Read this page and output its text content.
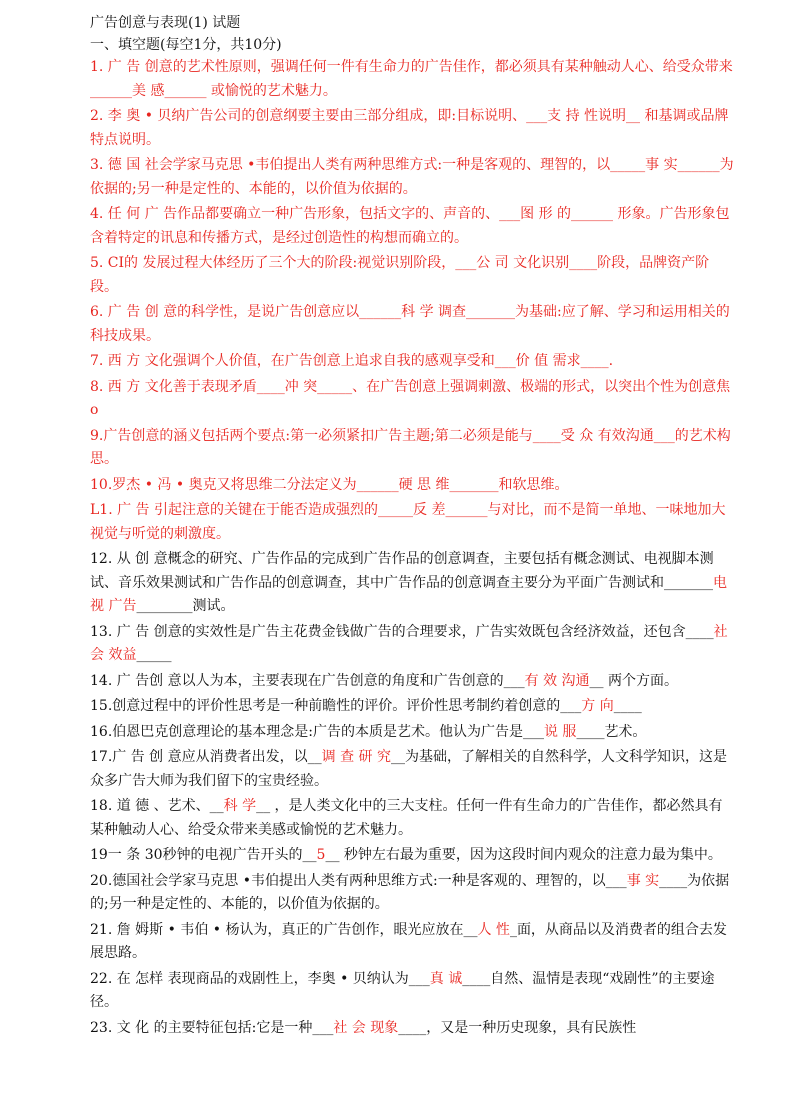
广告创意与表现(1) 试题
一、填空题(每空1分，共10分)
1. 广 告 创意的艺术性原则，强调任何一件有生命力的广告佳作，都必须具有某种触动人心、给受众带来______美 感______ 或愉悦的艺术魅力。
2. 李 奥 • 贝纳广告公司的创意纲要主要由三部分组成，即:目标说明、___支 持 性说明__ 和基调或品牌特点说明。
3. 德 国 社会学家马克思 •韦伯提出人类有两种思维方式:一种是客观的、理智的，以_____事 实______为依据的;另一种是定性的、本能的，以价值为依据的。
4. 任 何 广 告作品都要确立一种广告形象，包括文字的、声音的、___图 形 的______ 形象。广告形象包含着特定的讯息和传播方式，是经过创造性的构想而确立的。
5. CI的 发展过程大体经历了三个大的阶段:视觉识别阶段，___公 司 文化识别____阶段，品牌资产阶段。
6. 广 告 创 意的科学性，是说广告创意应以______科 学 调查_______为基础:应了解、学习和运用相关的科技成果。
7. 西 方 文化强调个人价值，在广告创意上追求自我的感观享受和___价 值 需求____.
8. 西 方 文化善于表现矛盾____冲 突_____、在广告创意上强调刺激、极端的形式，以突出个性为创意焦o
9.广告创意的涵义包括两个要点:第一必须紧扣广告主题;第二必须是能与____受 众 有效沟通___的艺术构思。
10.罗杰 • 冯 • 奥克又将思维二分法定义为______硬 思 维_______和软思维。
L1. 广 告 引起注意的关键在于能否造成强烈的_____反 差______与对比，而不是简一单地、一味地加大视觉与听觉的刺激度。
12. 从 创 意概念的研究、广告作品的完成到广告作品的创意调查，主要包括有概念测试、电视脚本测试、音乐效果测试和广告作品的创意调查，其中广告作品的创意调查主要分为平面广告测试和_______电 视 广告________测试。
13. 广 告 创意的实效性是广告主花费金钱做广告的合理要求，广告实效既包含经济效益，还包含____社 会 效益_____
14. 广 告创 意以人为本，主要表现在广告创意的角度和广告创意的___有 效 沟通__ 两个方面。
15.创意过程中的评价性思考是一种前瞻性的评价。评价性思考制约着创意的___方 向____
16.伯恩巴克创意理论的基本理念是:广告的本质是艺术。他认为广告是___说 服____艺术。
17.广 告 创 意应从消费者出发，以__调 查 研 究__为基础，了解相关的自然科学，人文科学知识，这是众多广告大师为我们留下的宝贵经验。
18. 道 德 、艺术、__科 学__ ，是人类文化中的三大支柱。任何一件有生命力的广告佳作，都必然具有某种触动人心、给受众带来美感或愉悦的艺术魅力。
19一 条 30秒钟的电视广告开头的__5__ 秒钟左右最为重要，因为这段时间内观众的注意力最为集中。
20.德国社会学家马克思 •韦伯提出人类有两种思维方式:一种是客观的、理智的，以___事 实____为依据的;另一种是定性的、本能的，以价值为依据的。
21. 詹 姆斯 • 韦伯 • 杨认为，真正的广告创作，眼光应放在__人 性_面，从商品以及消费者的组合去发展思路。
22. 在 怎样 表现商品的戏剧性上，李奥 • 贝纳认为___真 诚____自然、温情是表现“戏剧性”的主要途径。
23. 文 化 的主要特征包括:它是一种___社 会 现象____，又是一种历史现象，具有民族性
